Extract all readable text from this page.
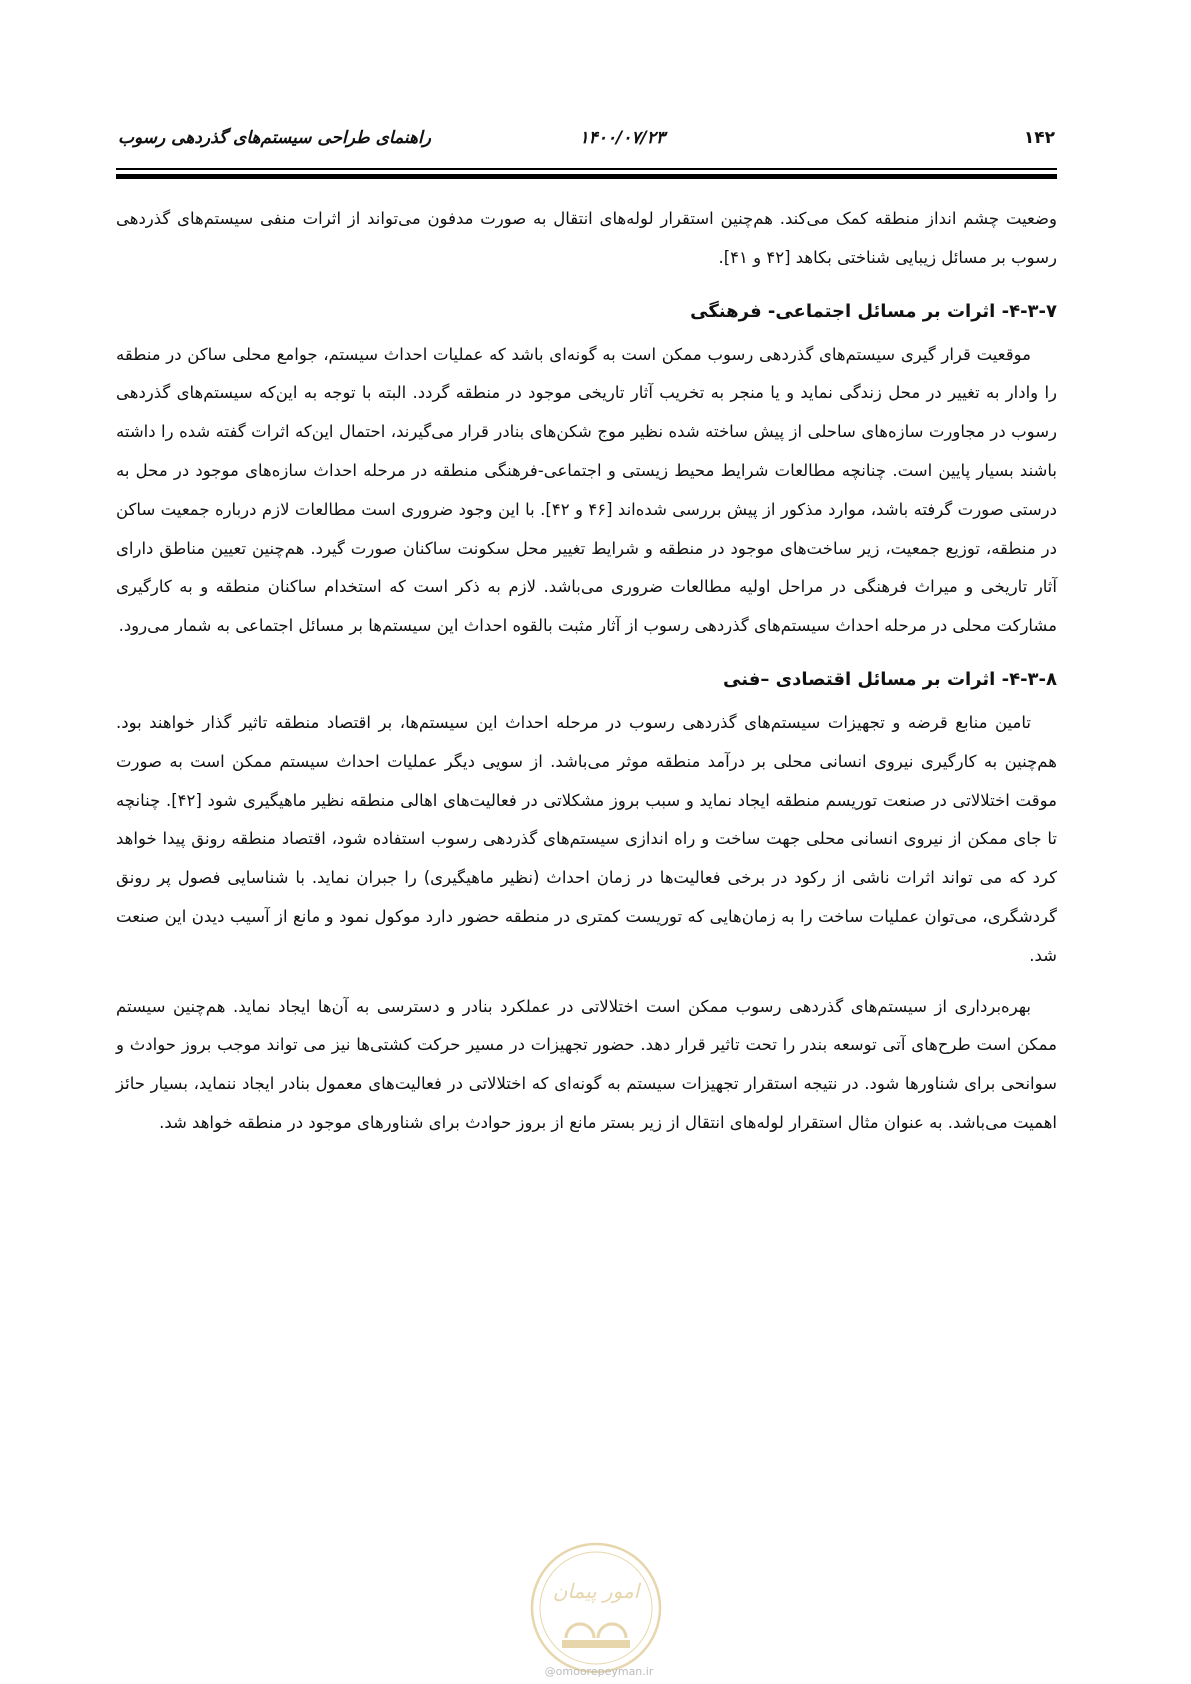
۱۴۲
۱۴۰۰/۰۷/۲۳
راهنمای طراحی سیستم‌های گذردهی رسوب

وضعیت چشم انداز منطقه کمک می‌کند. هم‌چنین استقرار لوله‌های انتقال به صورت مدفون می‌تواند از اثرات منفی سیستم‌های گذردهی رسوب بر مسائل زیبایی شناختی بکاهد [۴۲ و ۴۱].

۴-۳-۷- اثرات بر مسائل اجتماعی- فرهنگی

موقعیت قرار گیری سیستم‌های گذردهی رسوب ممکن است به گونه‌ای باشد که عملیات احداث سیستم، جوامع محلی ساکن در منطقه را وادار به تغییر در محل زندگی نماید و یا منجر به تخریب آثار تاریخی موجود در منطقه گردد. البته با توجه به این‌که سیستم‌های گذردهی رسوب در مجاورت سازه‌های ساحلی از پیش ساخته شده نظیر موج شکن‌های بنادر قرار می‌گیرند، احتمال این‌که اثرات گفته شده را داشته باشند بسیار پایین است. چنانچه مطالعات شرایط محیط زیستی و اجتماعی-فرهنگی منطقه در مرحله احداث سازه‌های موجود در محل به درستی صورت گرفته باشد، موارد مذکور از پیش بررسی شده‌اند [۴۶ و ۴۲]. با این وجود ضروری است مطالعات لازم درباره جمعیت ساکن در منطقه، توزیع جمعیت، زیر ساخت‌های موجود در منطقه و شرایط تغییر محل سکونت ساکنان صورت گیرد. هم‌چنین تعیین مناطق دارای آثار تاریخی و میراث فرهنگی در مراحل اولیه مطالعات ضروری می‌باشد. لازم به ذکر است که استخدام ساکنان منطقه و به کارگیری مشارکت محلی در مرحله احداث سیستم‌های گذردهی رسوب از آثار مثبت بالقوه احداث این سیستم‌ها بر مسائل اجتماعی به شمار می‌رود.

۴-۳-۸- اثرات بر مسائل اقتصادی –فنی

تامین منابع قرضه و تجهیزات سیستم‌های گذردهی رسوب در مرحله احداث این سیستم‌ها، بر اقتصاد منطقه تاثیر گذار خواهند بود. هم‌چنین به کارگیری نیروی انسانی محلی بر درآمد منطقه موثر می‌باشد. از سویی دیگر عملیات احداث سیستم ممکن است به صورت موقت اختلالاتی در صنعت توریسم منطقه ایجاد نماید و سبب بروز مشکلاتی در فعالیت‌های اهالی منطقه نظیر ماهیگیری شود [۴۲]. چنانچه تا جای ممکن از نیروی انسانی محلی جهت ساخت و راه اندازی سیستم‌های گذردهی رسوب استفاده شود، اقتصاد منطقه رونق پیدا خواهد کرد که می تواند اثرات ناشی از رکود در برخی فعالیت‌ها در زمان احداث (نظیر ماهیگیری) را جبران نماید. با شناسایی فصول پر رونق گردشگری، می‌توان عملیات ساخت را به زمان‌هایی که توریست کمتری در منطقه حضور دارد موکول نمود و مانع از آسیب دیدن این صنعت شد.

بهره‌برداری از سیستم‌های گذردهی رسوب ممکن است اختلالاتی در عملکرد بنادر و دسترسی به آن‌ها ایجاد نماید. هم‌چنین سیستم ممکن است طرح‌های آتی توسعه بندر را تحت تاثیر قرار دهد. حضور تجهیزات در مسیر حرکت کشتی‌ها نیز می تواند موجب بروز حوادث و سوانحی برای شناورها شود. در نتیجه استقرار تجهیزات سیستم به گونه‌ای که اختلالاتی در فعالیت‌های معمول بنادر ایجاد ننماید، بسیار حائز اهمیت می‌باشد. به عنوان مثال استقرار لوله‌های انتقال از زیر بستر مانع از بروز حوادث برای شناورهای موجود در منطقه خواهد شد.

امور پیمان
@omoorepeyman.ir
